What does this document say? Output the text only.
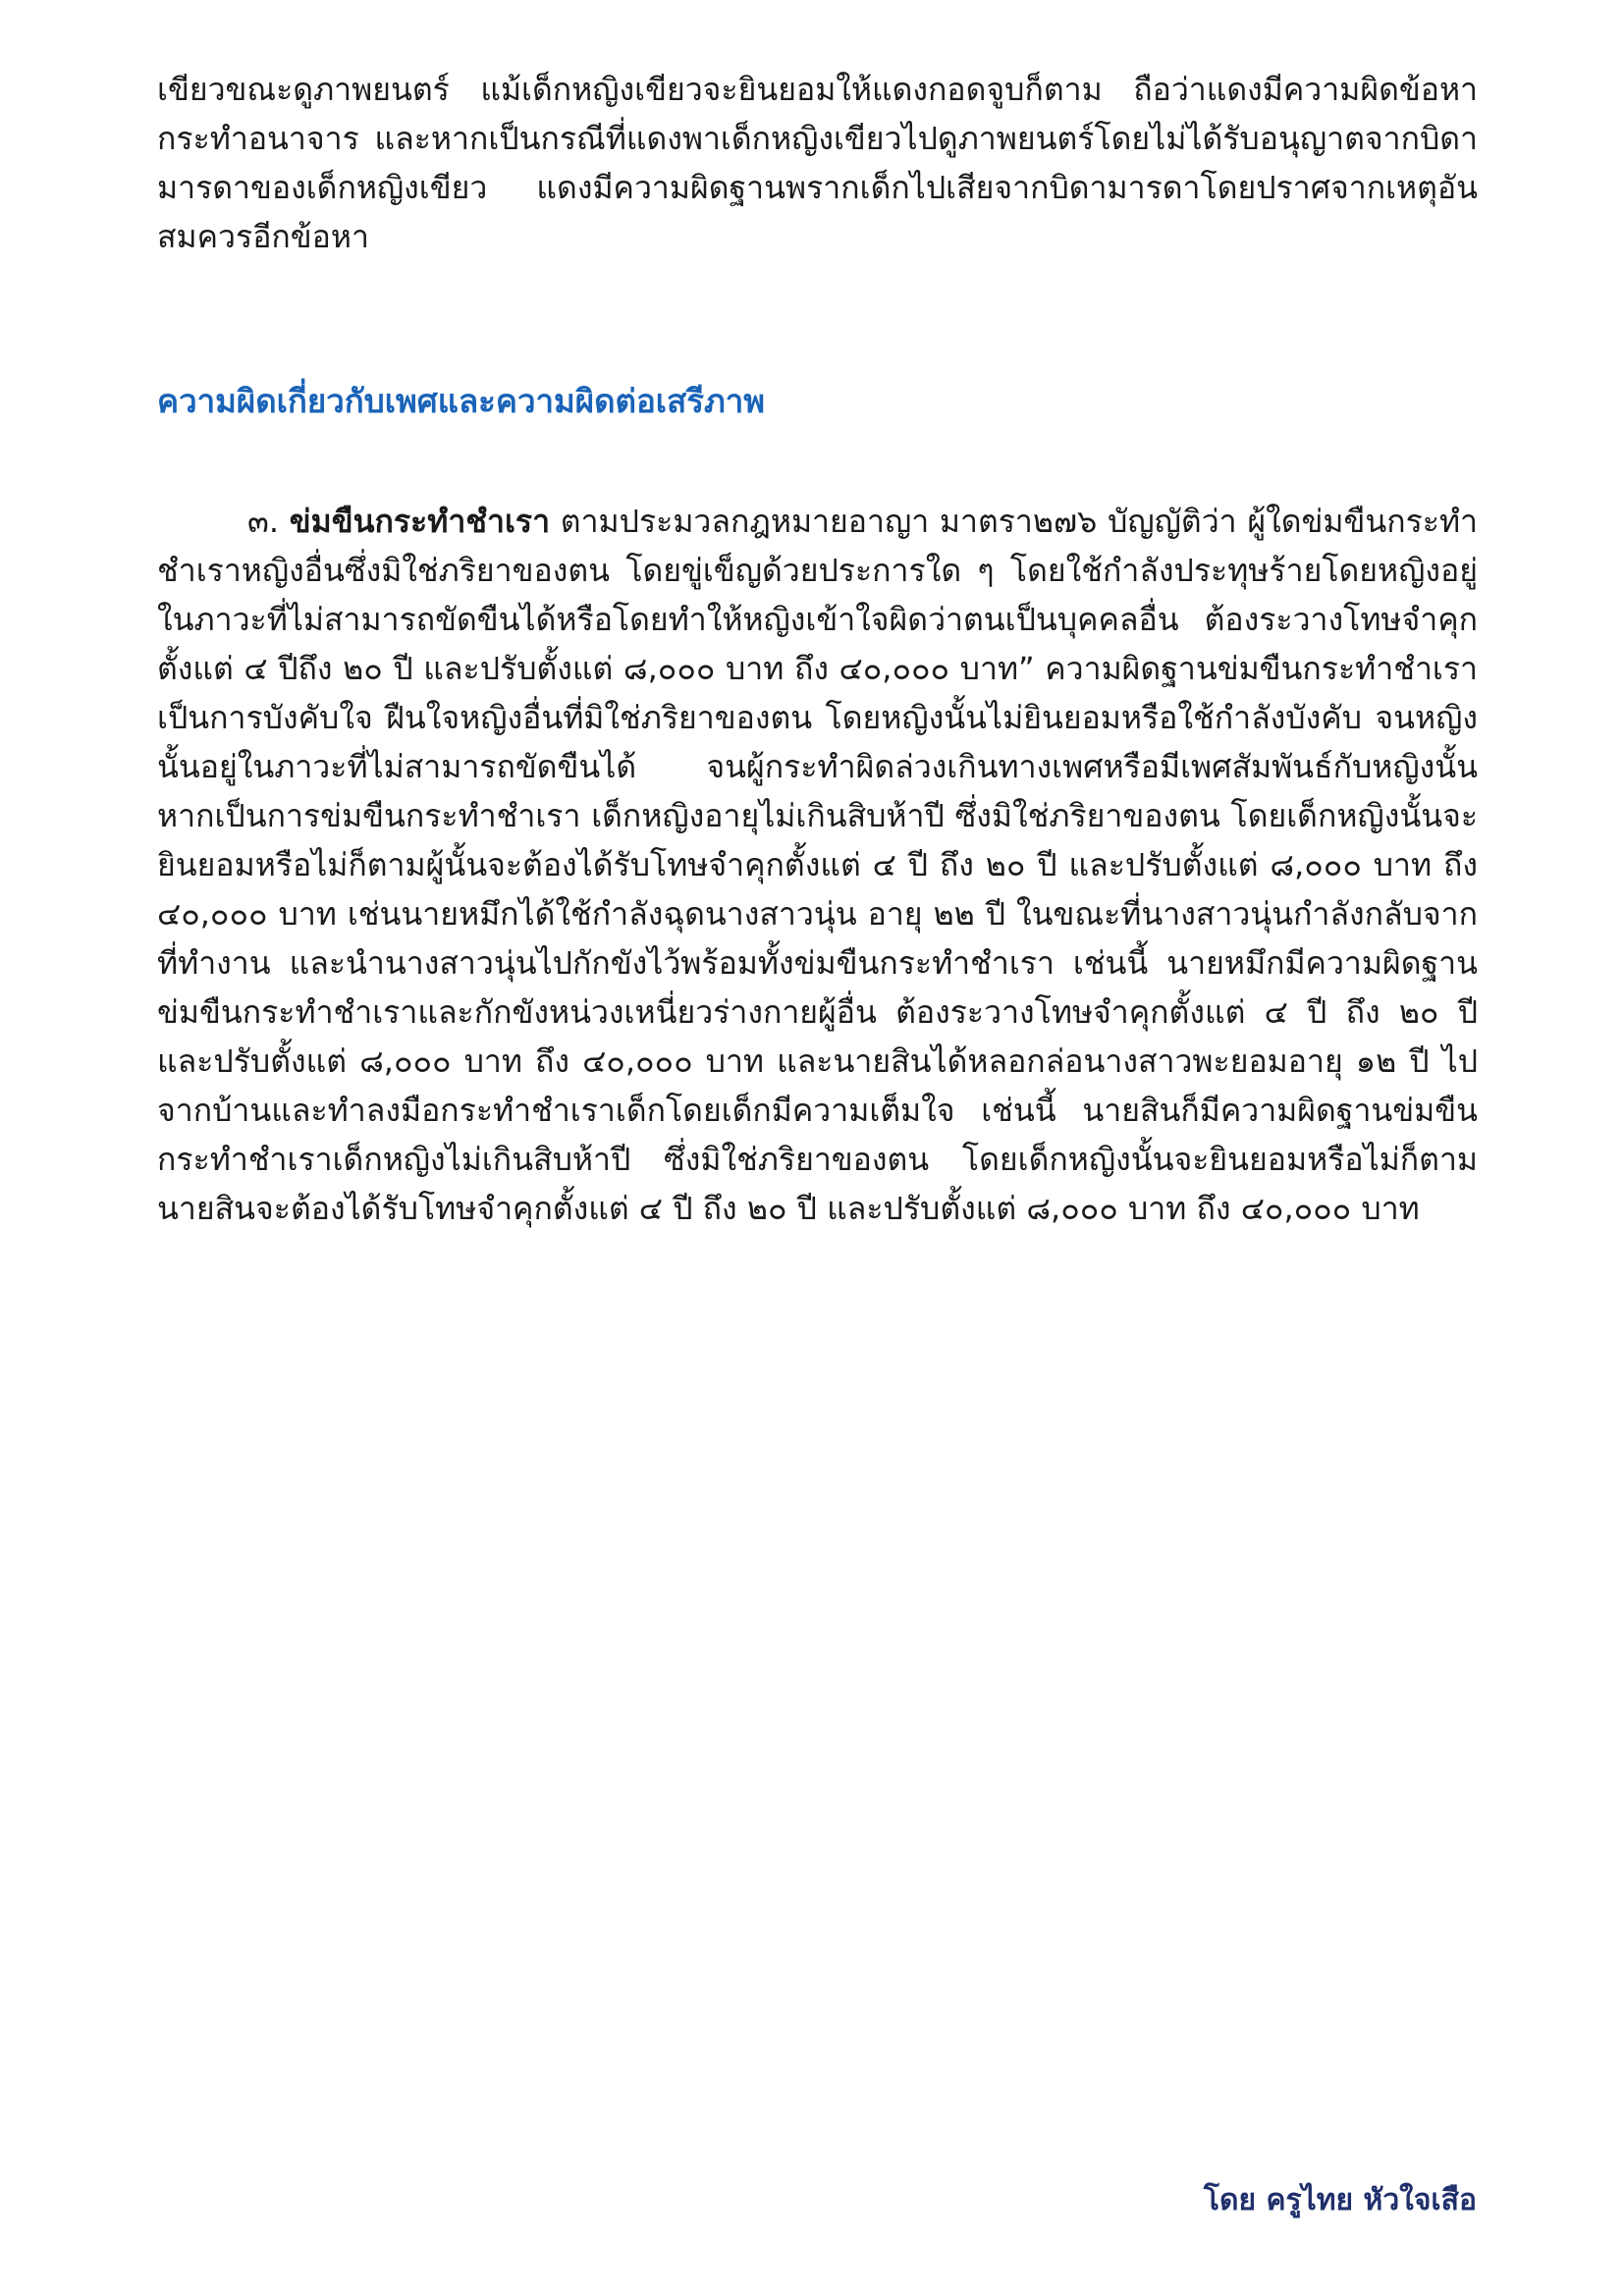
เขียวขณะดูภาพยนตร์ แม้เด็กหญิงเขียวจะยินยอมให้แดงกอดจูบก็ตาม ถือว่าแดงมีความผิดข้อหากระทำอนาจาร และหากเป็นกรณีที่แดงพาเด็กหญิงเขียวไปดูภาพยนตร์โดยไม่ได้รับอนุญาตจากบิดามารดาของเด็กหญิงเขียว แดงมีความผิดฐานพรากเด็กไปเสียจากบิดามารดาโดยปราศจากเหตุอันสมควรอีกข้อหา

ความผิดเกี่ยวกับเพศและความผิดต่อเสรีภาพ

๓. ข่มขืนกระทำชำเรา ตามประมวลกฎหมายอาญา มาตรา๒๗๖ บัญญัติว่า ผู้ใดข่มขืนกระทำชำเราหญิงอื่นซึ่งมิใช่ภริยาของตน โดยขู่เข็ญด้วยประการใด ๆ โดยใช้กำลังประทุษร้ายโดยหญิงอยู่ในภาวะที่ไม่สามารถขัดขืนได้หรือโดยทำให้หญิงเข้าใจผิดว่าตนเป็นบุคคลอื่น ต้องระวางโทษจำคุกตั้งแต่ ๔ ปีถึง ๒๐ ปี และปรับตั้งแต่ ๘,๐๐๐ บาท ถึง ๔๐,๐๐๐ บาท” ความผิดฐานข่มขืนกระทำชำเรา เป็นการบังคับใจ ฝืนใจหญิงอื่นที่มิใช่ภริยาของตน โดยหญิงนั้นไม่ยินยอมหรือใช้กำลังบังคับ จนหญิงนั้นอยู่ในภาวะที่ไม่สามารถขัดขืนได้ จนผู้กระทำผิดล่วงเกินทางเพศหรือมีเพศสัมพันธ์กับหญิงนั้น หากเป็นการข่มขืนกระทำชำเรา เด็กหญิงอายุไม่เกินสิบห้าปี ซึ่งมิใช่ภริยาของตน โดยเด็กหญิงนั้นจะยินยอมหรือไม่ก็ตามผู้นั้นจะต้องได้รับโทษจำคุกตั้งแต่ ๔ ปี ถึง ๒๐ ปี และปรับตั้งแต่ ๘,๐๐๐ บาท ถึง ๔๐,๐๐๐ บาท เช่นนายหมึกได้ใช้กำลังฉุดนางสาวนุ่น อายุ ๒๒ ปี ในขณะที่นางสาวนุ่นกำลังกลับจากที่ทำงาน และนำนางสาวนุ่นไปกักขังไว้พร้อมทั้งข่มขืนกระทำชำเรา เช่นนี้ นายหมึกมีความผิดฐานข่มขืนกระทำชำเราและกักขังหน่วงเหนี่ยวร่างกายผู้อื่น ต้องระวางโทษจำคุกตั้งแต่ ๔ ปี ถึง ๒๐ ปี และปรับตั้งแต่ ๘,๐๐๐ บาท ถึง ๔๐,๐๐๐ บาท และนายสินได้หลอกล่อนางสาวพะยอมอายุ ๑๒ ปี ไปจากบ้านและทำลงมือกระทำชำเราเด็กโดยเด็กมีความเต็มใจ เช่นนี้ นายสินก็มีความผิดฐานข่มขืนกระทำชำเราเด็กหญิงไม่เกินสิบห้าปี ซึ่งมิใช่ภริยาของตน โดยเด็กหญิงนั้นจะยินยอมหรือไม่ก็ตาม นายสินจะต้องได้รับโทษจำคุกตั้งแต่ ๔ ปี ถึง ๒๐ ปี และปรับตั้งแต่ ๘,๐๐๐ บาท ถึง ๔๐,๐๐๐ บาท

โดย ครูไทย หัวใจเสือ
